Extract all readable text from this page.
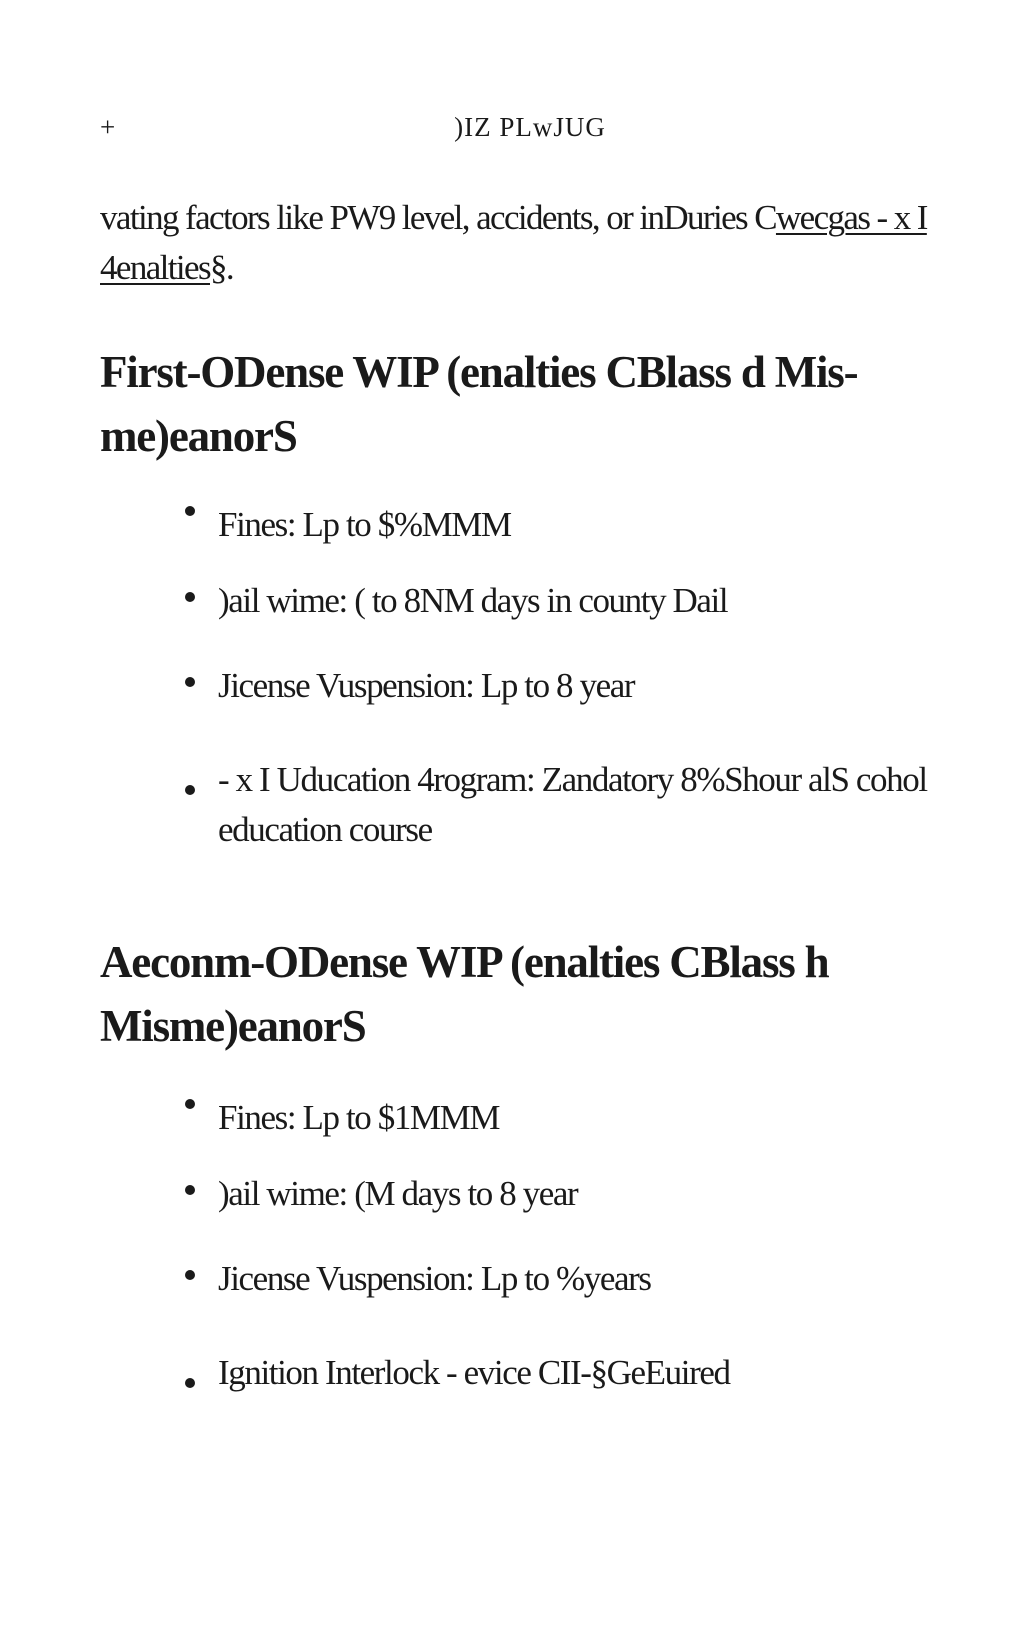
+	)IZ PLwJUG

vating factors like PW9 level, accidents, or inDuries Cwecgas - x I 4enalties§.

First-ODense WIP (enalties CBlass d Mis-me)eanorS
Fines: Lp to $%MMM
)ail wime: ( to 8NM days in county Dail
Jicense Vuspension: Lp to 8 year
- x I Uducation 4rogram: Zandatory 8%Shour alS cohol education course
Aeconm-ODense WIP (enalties CBlass h Misme)eanorS
Fines: Lp to $1MMM
)ail wime: (M days to 8 year
Jicense Vuspension: Lp to %years
Ignition Interlock - evice CII-§GeEuired
